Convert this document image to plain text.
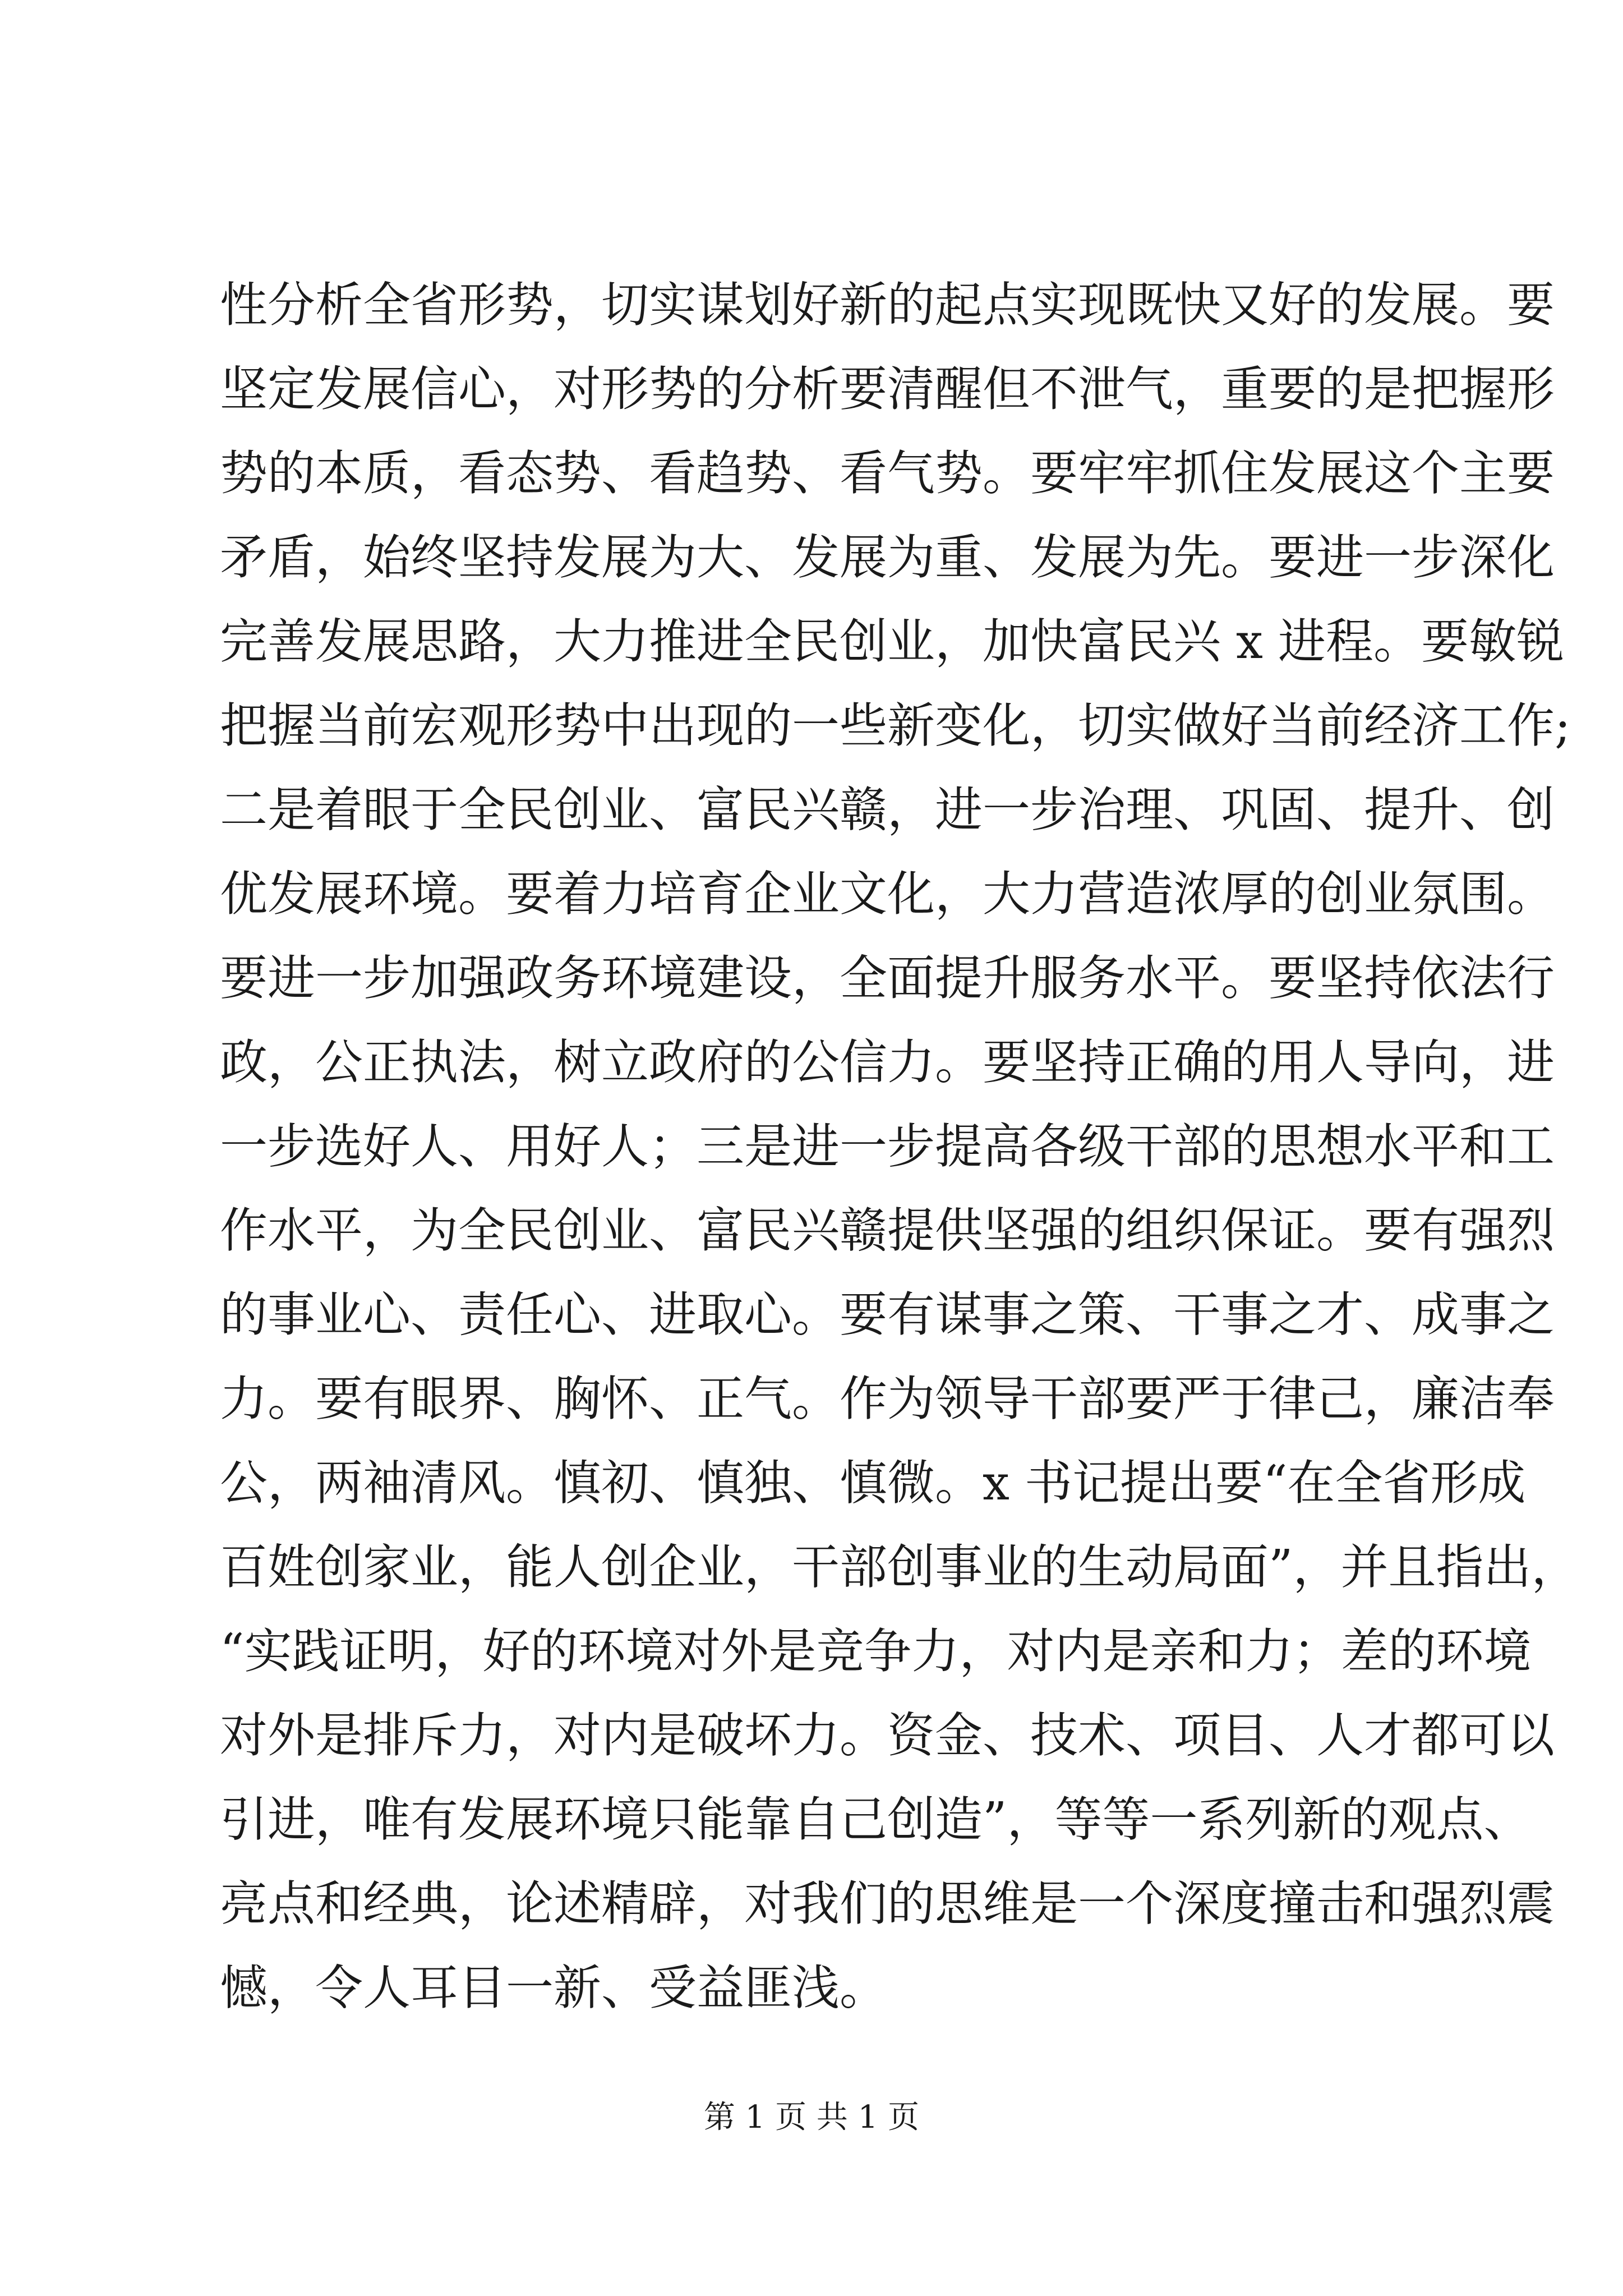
性分析全省形势，切实谋划好新的起点实现既快又好的发展。要
坚定发展信心，对形势的分析要清醒但不泄气，重要的是把握形
势的本质，看态势、看趋势、看气势。要牢牢抓住发展这个主要
矛盾，始终坚持发展为大、发展为重、发展为先。要进一步深化
完善发展思路，大力推进全民创业，加快富民兴 x 进程。要敏锐
把握当前宏观形势中出现的一些新变化，切实做好当前经济工作;
二是着眼于全民创业、富民兴赣，进一步治理、巩固、提升、创
优发展环境。要着力培育企业文化，大力营造浓厚的创业氛围。
要进一步加强政务环境建设，全面提升服务水平。要坚持依法行
政，公正执法，树立政府的公信力。要坚持正确的用人导向，进
一步选好人、用好人；三是进一步提高各级干部的思想水平和工
作水平，为全民创业、富民兴赣提供坚强的组织保证。要有强烈
的事业心、责任心、进取心。要有谋事之策、干事之才、成事之
力。要有眼界、胸怀、正气。作为领导干部要严于律己，廉洁奉
公，两袖清风。慎初、慎独、慎微。x 书记提出要“在全省形成
百姓创家业，能人创企业，干部创事业的生动局面”，并且指出，
“实践证明，好的环境对外是竞争力，对内是亲和力；差的环境
对外是排斥力，对内是破坏力。资金、技术、项目、人才都可以
引进，唯有发展环境只能靠自己创造”，等等一系列新的观点、
亮点和经典，论述精辟，对我们的思维是一个深度撞击和强烈震
憾，令人耳目一新、受益匪浅。
第 1 页 共 1 页
